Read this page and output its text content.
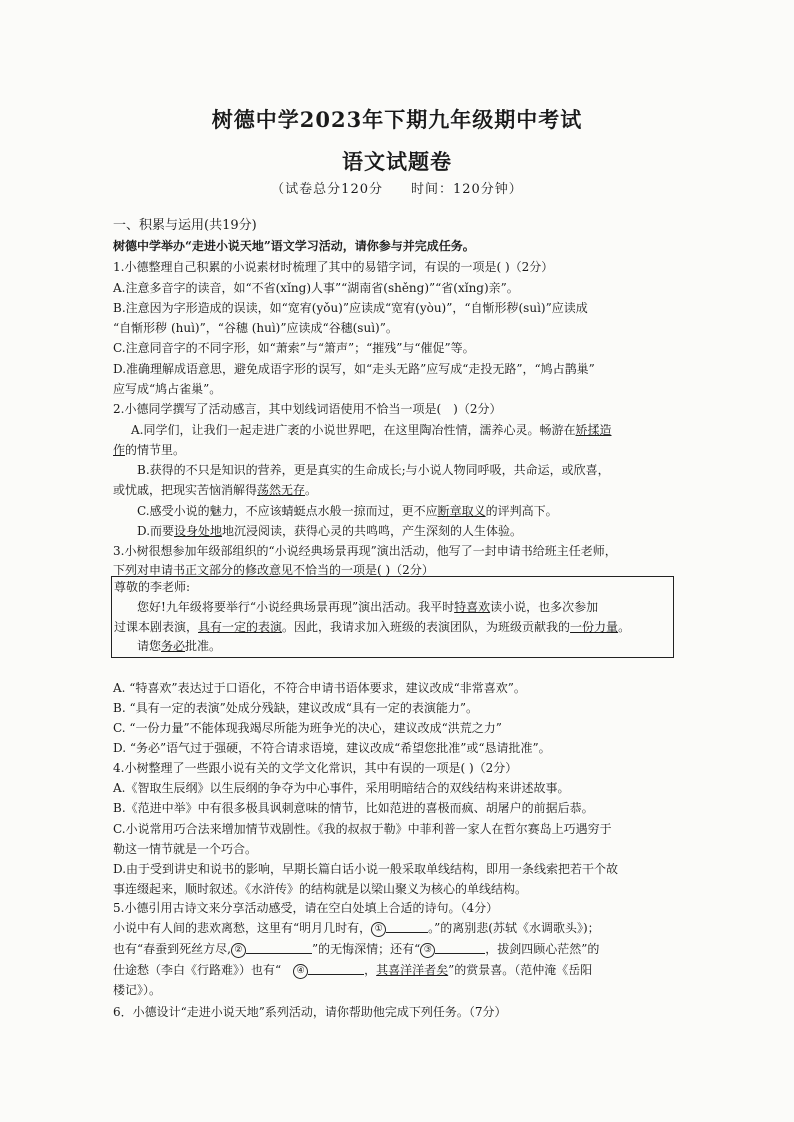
树德中学2023年下期九年级期中考试
语文试题卷
（试卷总分120分　　时间：120分钟）
一、积累与运用(共19分)
树德中学举办“走进小说天地”语文学习活动，请你参与并完成任务。
1.小德整理自己积累的小说素材时梳理了其中的易错字词，有误的一项是( )（2分）
A.注意多音字的读音，如“不省(xǐng)人事”“湖南省(shěng)”“省(xǐng)亲”。
B.注意因为字形造成的误读，如“宽宥(yǒu)”应读成“宽宥(yòu)”，“自惭形秽(suì)”应读成
“自惭形秽 (huì)”，“谷穗 (huì)”应读成“谷穗(suì)”。
C.注意同音字的不同字形，如“萧索”与“箫声”；“摧残”与“催促”等。
D.准确理解成语意思，避免成语字形的误写，如“走头无路”应写成“走投无路”，“鸠占鹊巢”
应写成“鸠占雀巢”。
2.小德同学撰写了活动感言，其中划线词语使用不恰当一项是(　)（2分）
A.同学们，让我们一起走进广袤的小说世界吧，在这里陶冶性情，濡养心灵。畅游在矫揉造
作的情节里。
B.获得的不只是知识的营养，更是真实的生命成长;与小说人物同呼吸，共命运，或欣喜，
或忧戚，把现实苦恼消解得荡然无存。
C.感受小说的魅力，不应该蜻蜓点水般一掠而过，更不应断章取义的评判高下。
D.而要设身处地地沉浸阅读，获得心灵的共鸣鸣，产生深刻的人生体验。
3.小树很想参加年级部组织的“小说经典场景再现”演出活动，他写了一封申请书给班主任老师，
下列对申请书正文部分的修改意见不恰当的一项是( )（2分）
尊敬的李老师:
您好!九年级将要举行“小说经典场景再现”演出活动。我平时特喜欢读小说，也多次参加
过课本剧表演，具有一定的表演。因此，我请求加入班级的表演团队，为班级贡献我的一份力量。
请您务必批准。
A. “特喜欢”表达过于口语化，不符合申请书语体要求，建议改成“非常喜欢”。
B. “具有一定的表演”处成分残缺，建议改成“具有一定的表演能力”。
C. “一份力量”不能体现我竭尽所能为班争光的决心，建议改成“洪荒之力”
D. “务必”语气过于强硬，不符合请求语境，建议改成“希望您批准”或“恳请批准”。
4.小树整理了一些跟小说有关的文学文化常识，其中有误的一项是( )（2分）
A.《智取生辰纲》以生辰纲的争夺为中心事件，采用明暗结合的双线结构来讲述故事。
B.《范进中举》中有很多极具讽刺意味的情节，比如范进的喜极而疯、胡屠户的前据后恭。
C.小说常用巧合法来增加情节戏剧性。《我的叔叔于勒》中菲利普一家人在哲尔赛岛上巧遇穷于
勒这一情节就是一个巧合。
D.由于受到讲史和说书的影响，早期长篇白话小说一般采取单线结构，即用一条线索把若干个故
事连缀起来，顺时叙述。《水浒传》的结构就是以梁山聚义为核心的单线结构。
5.小德引用古诗文来分享活动感受，请在空白处填上合适的诗句。（4分）
小说中有人间的悲欢离愁，这里有“明月几时有， ①	。”的离别悲(苏轼《水调歌头》)；
也有“春蚕到死丝方尽, ②	”的无悔深情；还有“ ③	，拔剑四顾心茫然”的
仕途愁（李白《行路难》）也有“　④	，其喜洋洋者矣”的赏景喜。（范仲淹《岳阳
楼记》）。
6．小德设计“走进小说天地”系列活动，请你帮助他完成下列任务。（7分）
